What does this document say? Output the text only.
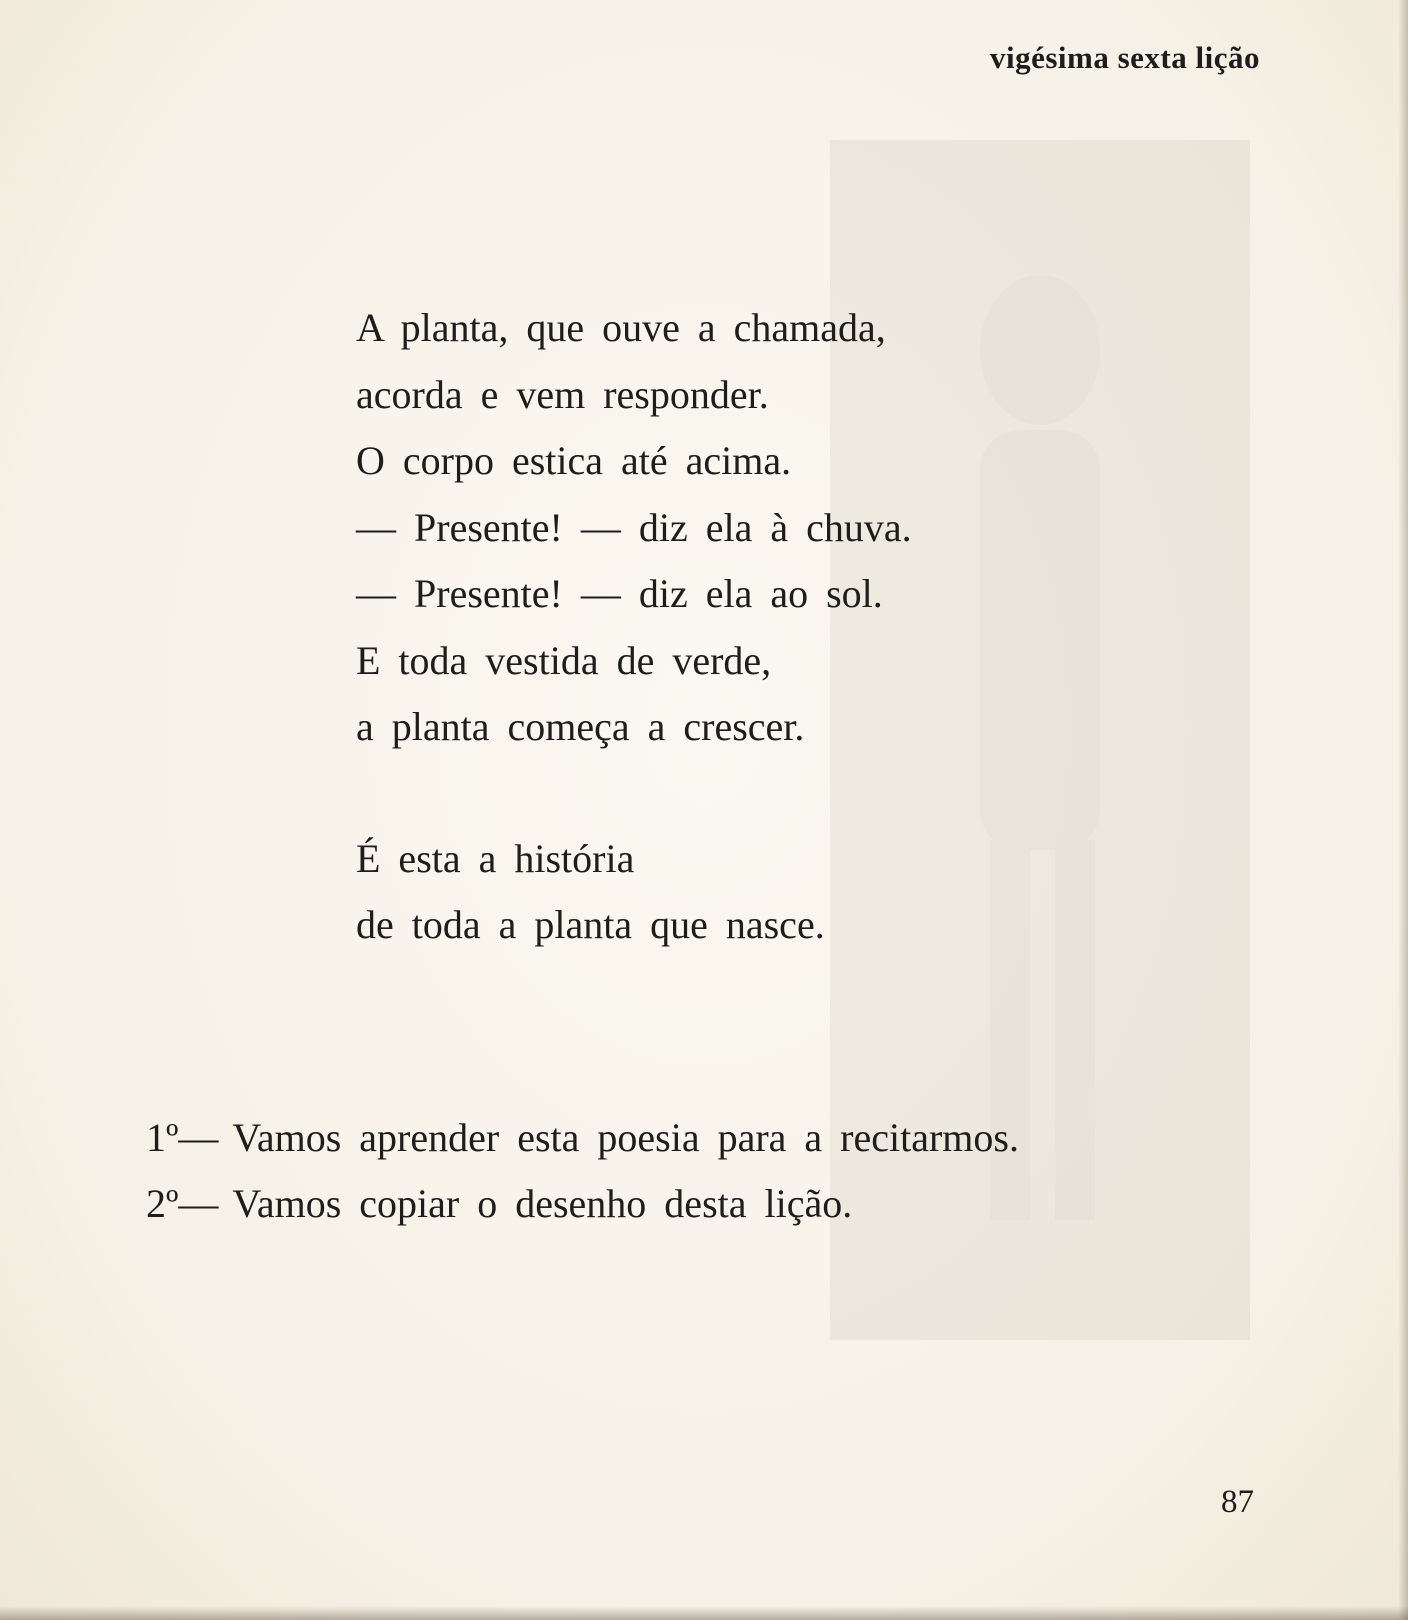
vigésima sexta lição
A planta, que ouve a chamada,
acorda e vem responder.
O corpo estica até acima.
— Presente! — diz ela à chuva.
— Presente! — diz ela ao sol.
E toda vestida de verde,
a planta começa a crescer.
É esta a história
de toda a planta que nasce.
1º— Vamos aprender esta poesia para a recitarmos.
2º— Vamos copiar o desenho desta lição.
87
